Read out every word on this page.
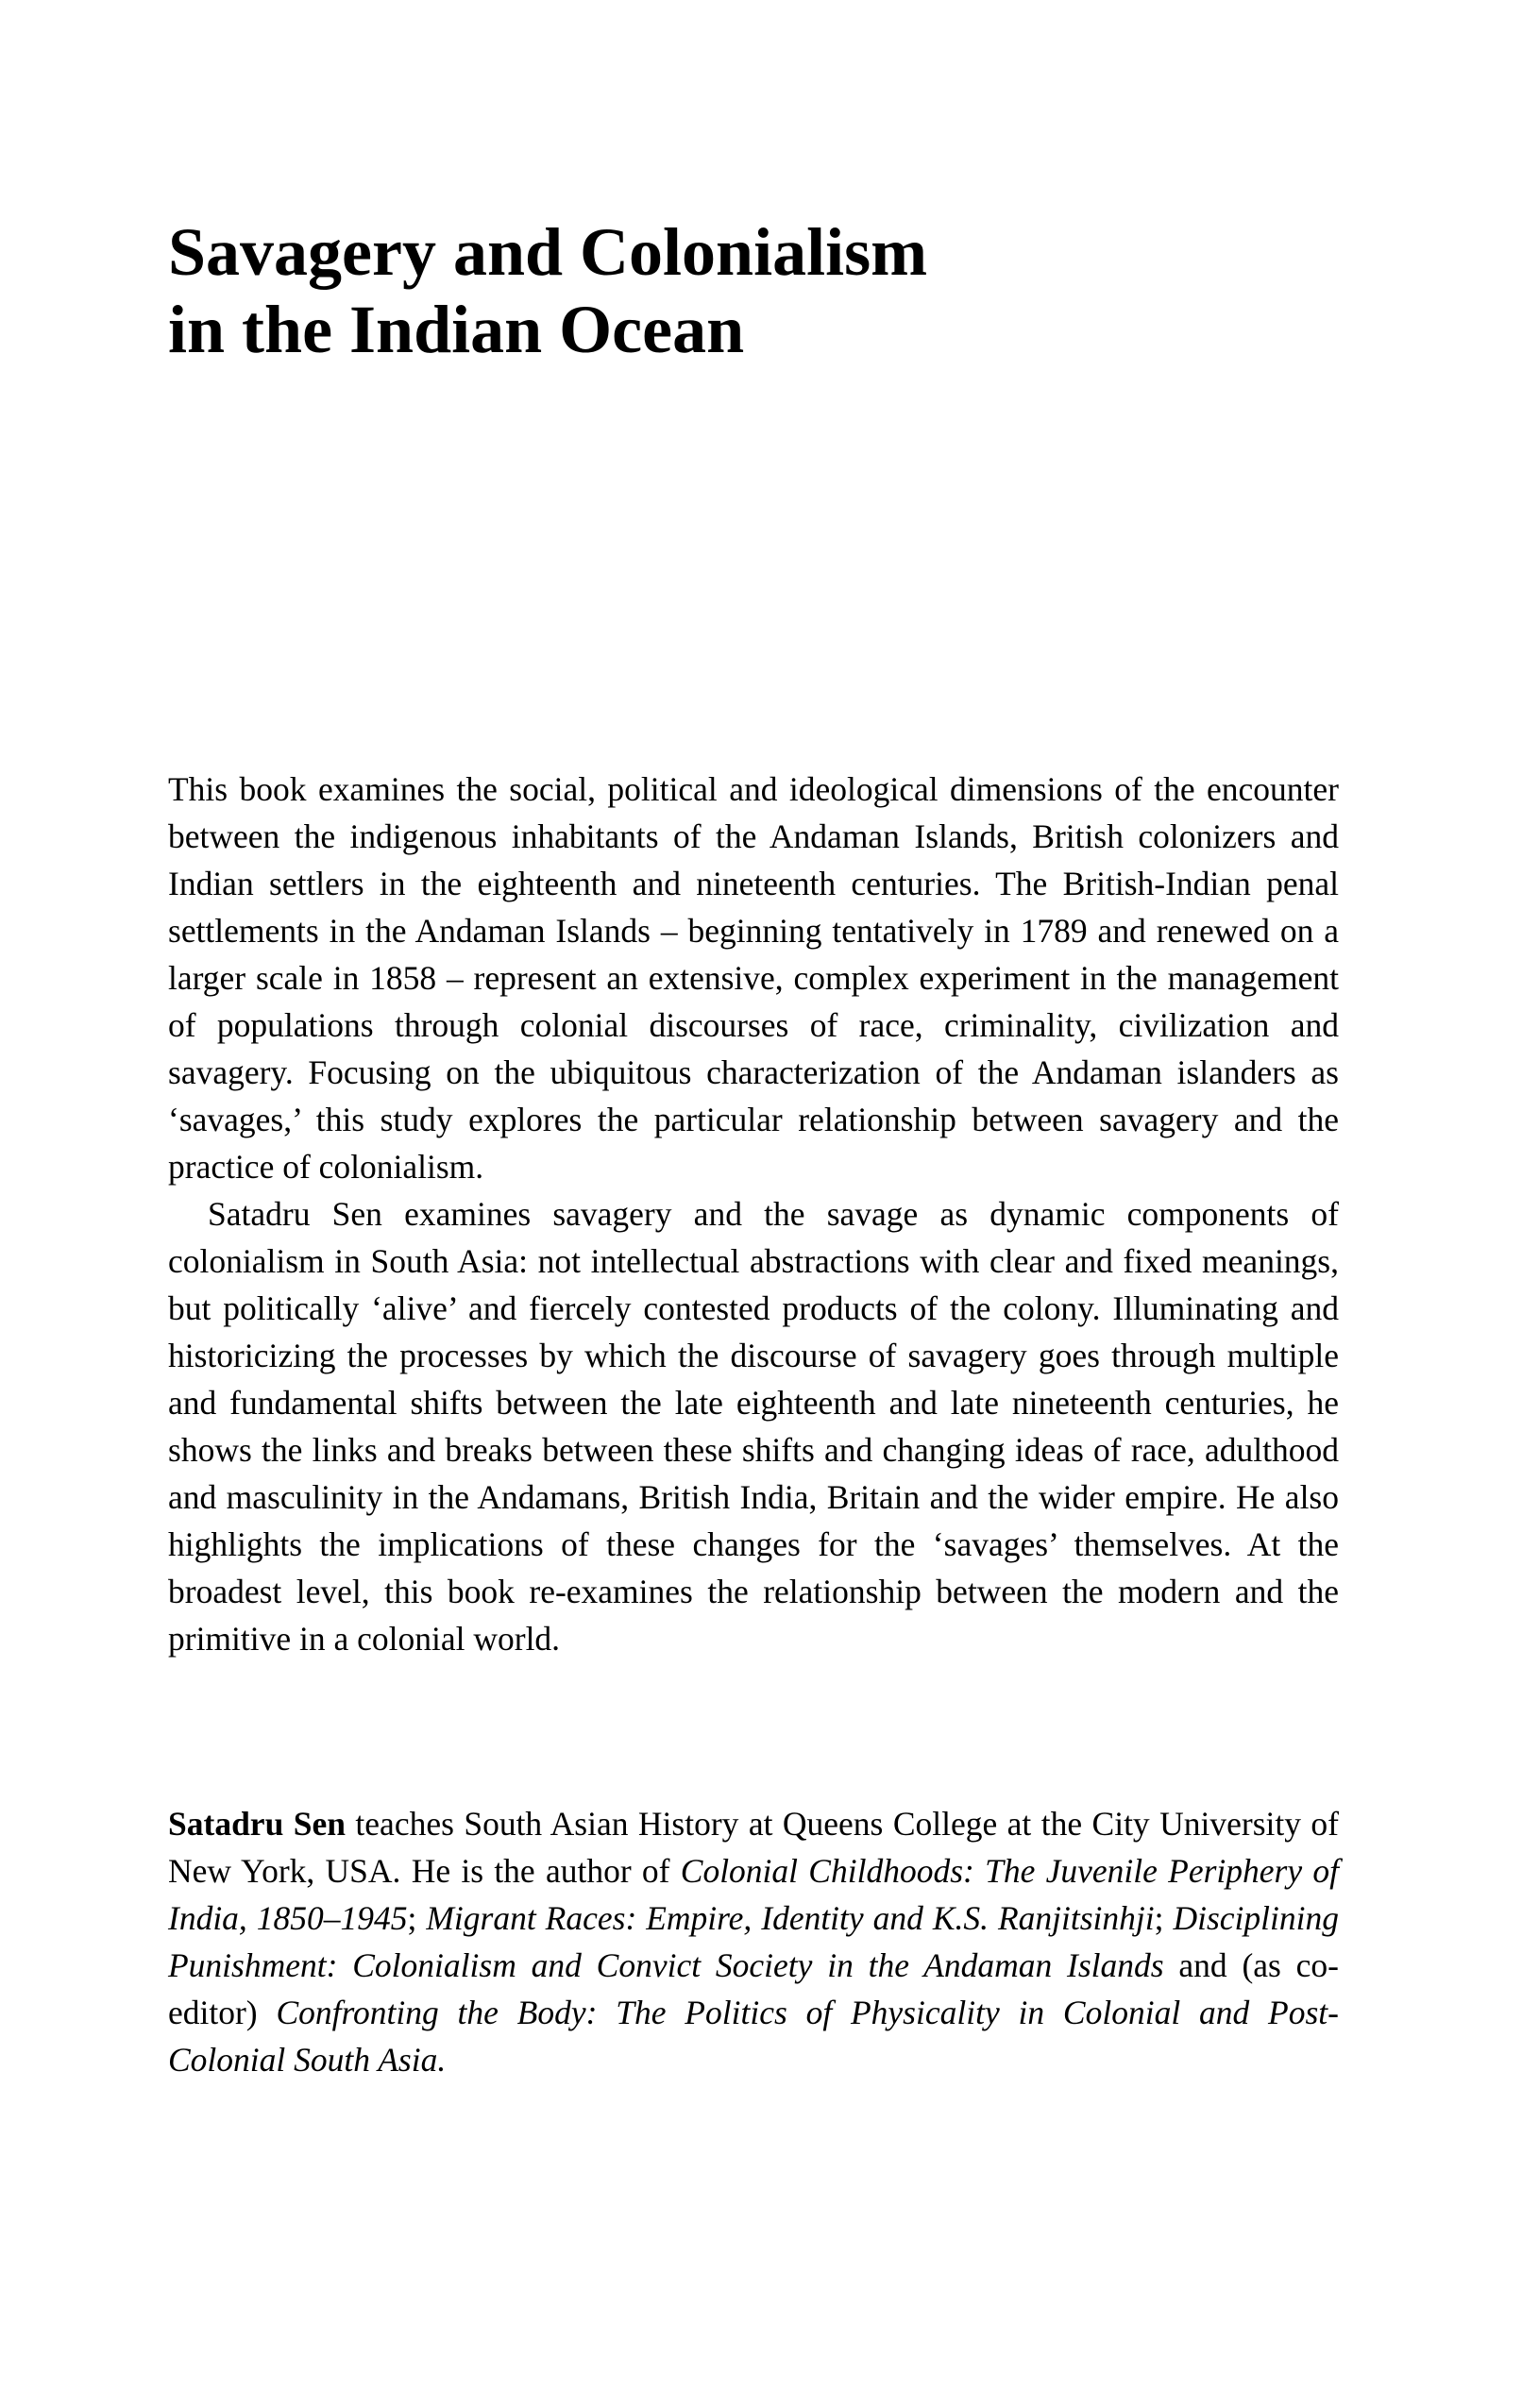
Savagery and Colonialism
in the Indian Ocean

This book examines the social, political and ideological dimensions of the encounter between the indigenous inhabitants of the Andaman Islands, British colonizers and Indian settlers in the eighteenth and nineteenth centuries. The British-Indian penal settlements in the Andaman Islands – beginning tentatively in 1789 and renewed on a larger scale in 1858 – represent an extensive, complex experiment in the management of populations through colonial discourses of race, criminality, civilization and savagery. Focusing on the ubiquitous characterization of the Andaman islanders as ‘savages,’ this study explores the particular relationship between savagery and the practice of colonialism.

Satadru Sen examines savagery and the savage as dynamic components of colonialism in South Asia: not intellectual abstractions with clear and fixed meanings, but politically ‘alive’ and fiercely contested products of the colony. Illuminating and historicizing the processes by which the discourse of savagery goes through multiple and fundamental shifts between the late eighteenth and late nineteenth centuries, he shows the links and breaks between these shifts and changing ideas of race, adulthood and masculinity in the Andamans, British India, Britain and the wider empire. He also highlights the implications of these changes for the ‘savages’ themselves. At the broadest level, this book re-examines the relationship between the modern and the primitive in a colonial world.

Satadru Sen teaches South Asian History at Queens College at the City University of New York, USA. He is the author of Colonial Childhoods: The Juvenile Periphery of India, 1850–1945; Migrant Races: Empire, Identity and K.S. Ranjitsinhji; Disciplining Punishment: Colonialism and Convict Society in the Andaman Islands and (as co-editor) Confronting the Body: The Politics of Physicality in Colonial and Post-Colonial South Asia.
